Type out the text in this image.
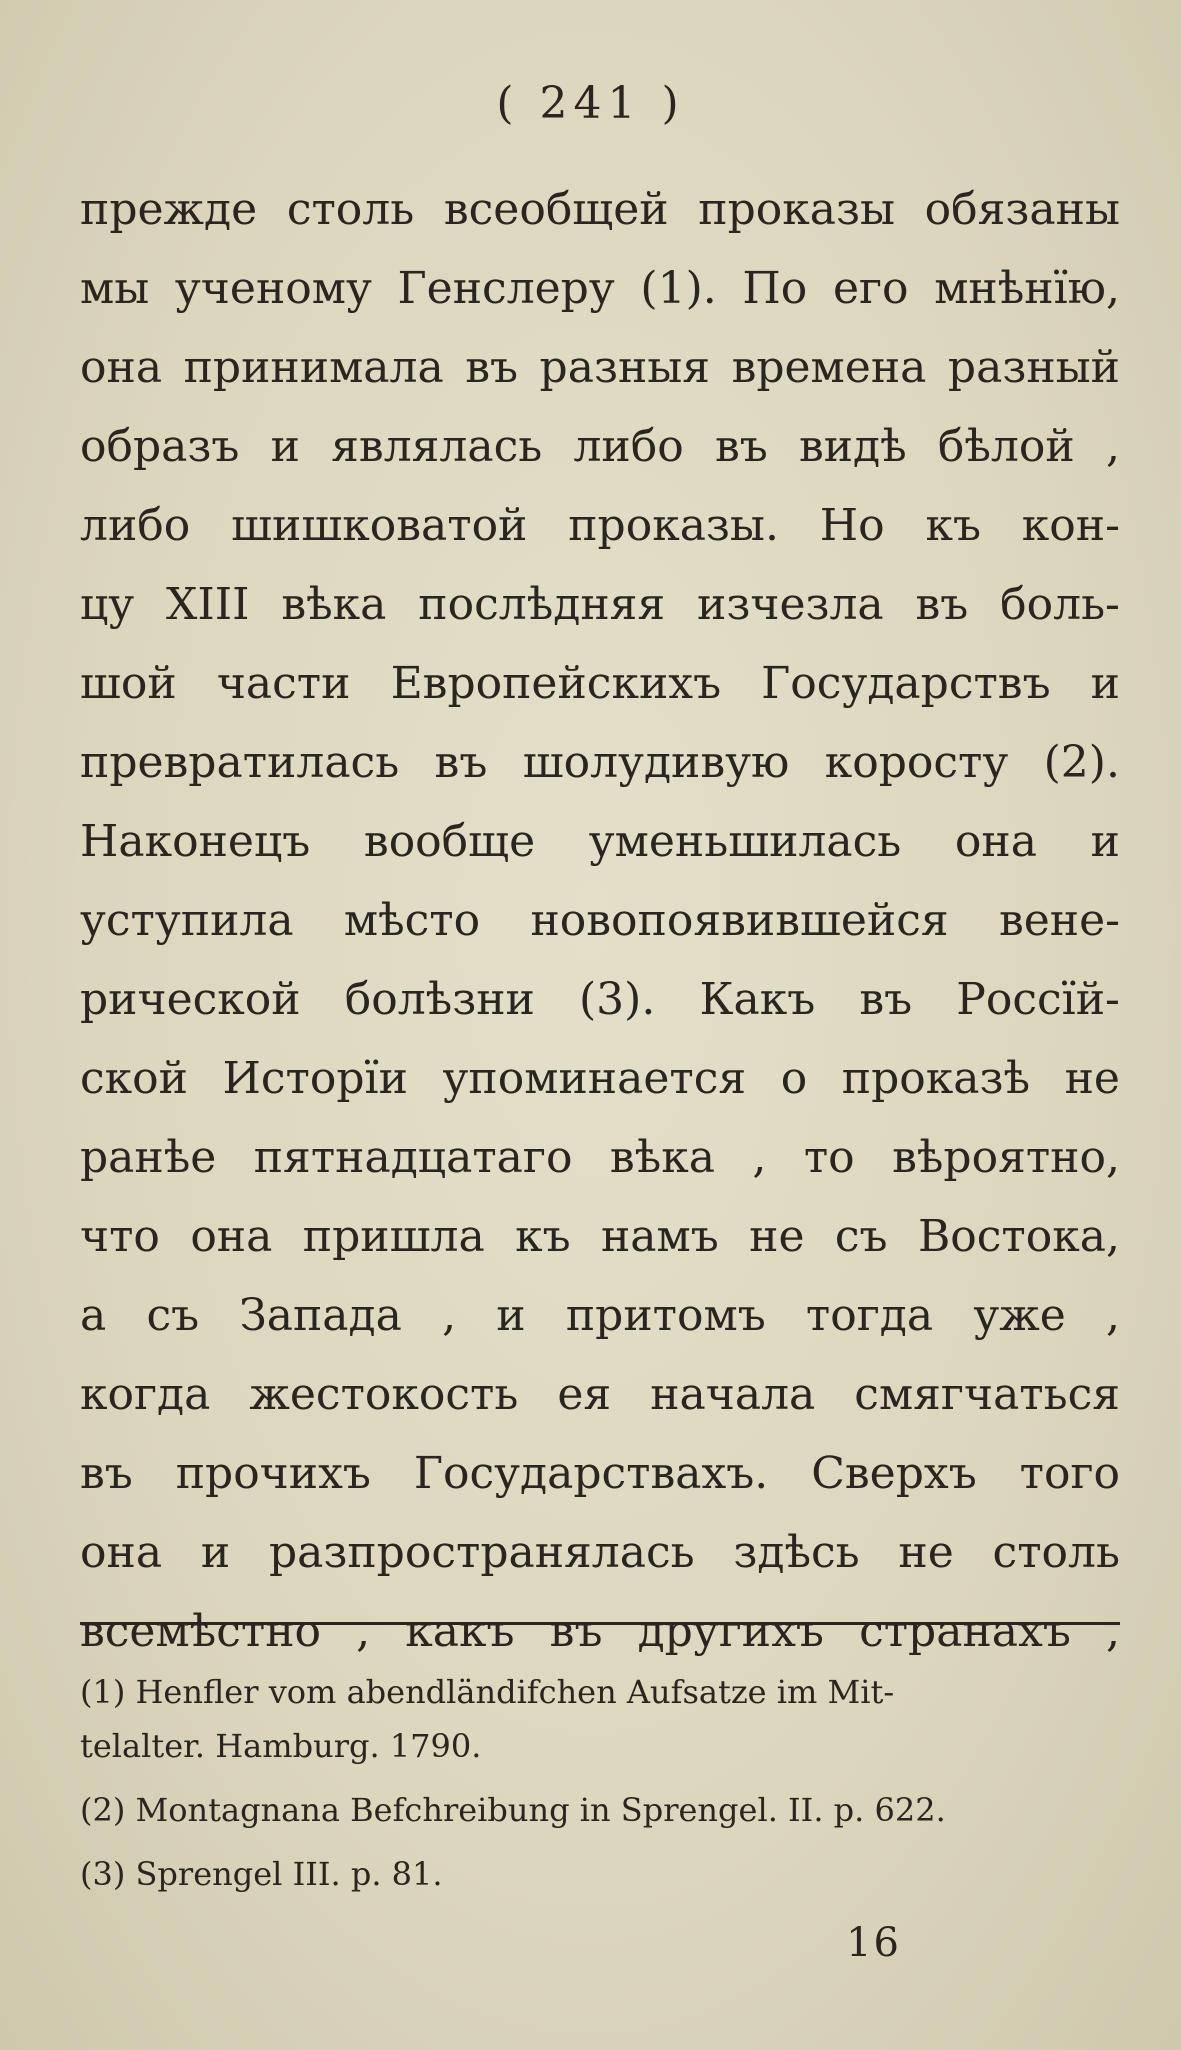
( 241 )
прежде столь всеобщей проказы обязаны
мы ученому Генслеру (1). По его мнѣнїю,
она принимала въ разныя времена разный
образъ и являлась либо въ видѣ бѣлой ,
либо шишковатой проказы. Но къ кон-
цу XIII вѣка послѣдняя изчезла въ боль-
шой части Европейскихъ Государствъ и
превратилась въ шолудивую коросту (2).
Наконецъ вообще уменьшилась она и
уступила мѣсто новопоявившейся вене-
рической болѣзни (3). Какъ въ Россїй-
ской Исторїи упоминается о проказѣ не
ранѣе пятнадцатаго вѣка , то вѣроятно,
что она пришла къ намъ не съ Востока,
а съ Запада , и притомъ тогда уже ,
когда жестокость ея начала смягчаться
въ прочихъ Государствахъ. Сверхъ того
она и разпространялась здѣсь не столь
всемѣстно , какъ въ другихъ странахъ ,
(1) Henfler vom abendländifchen Aufsatze im Mit-
telalter. Hamburg. 1790.
(2) Montagnana Befchreibung in Sprengel. II. p. 622.
(3) Sprengel III. p. 81.
16
